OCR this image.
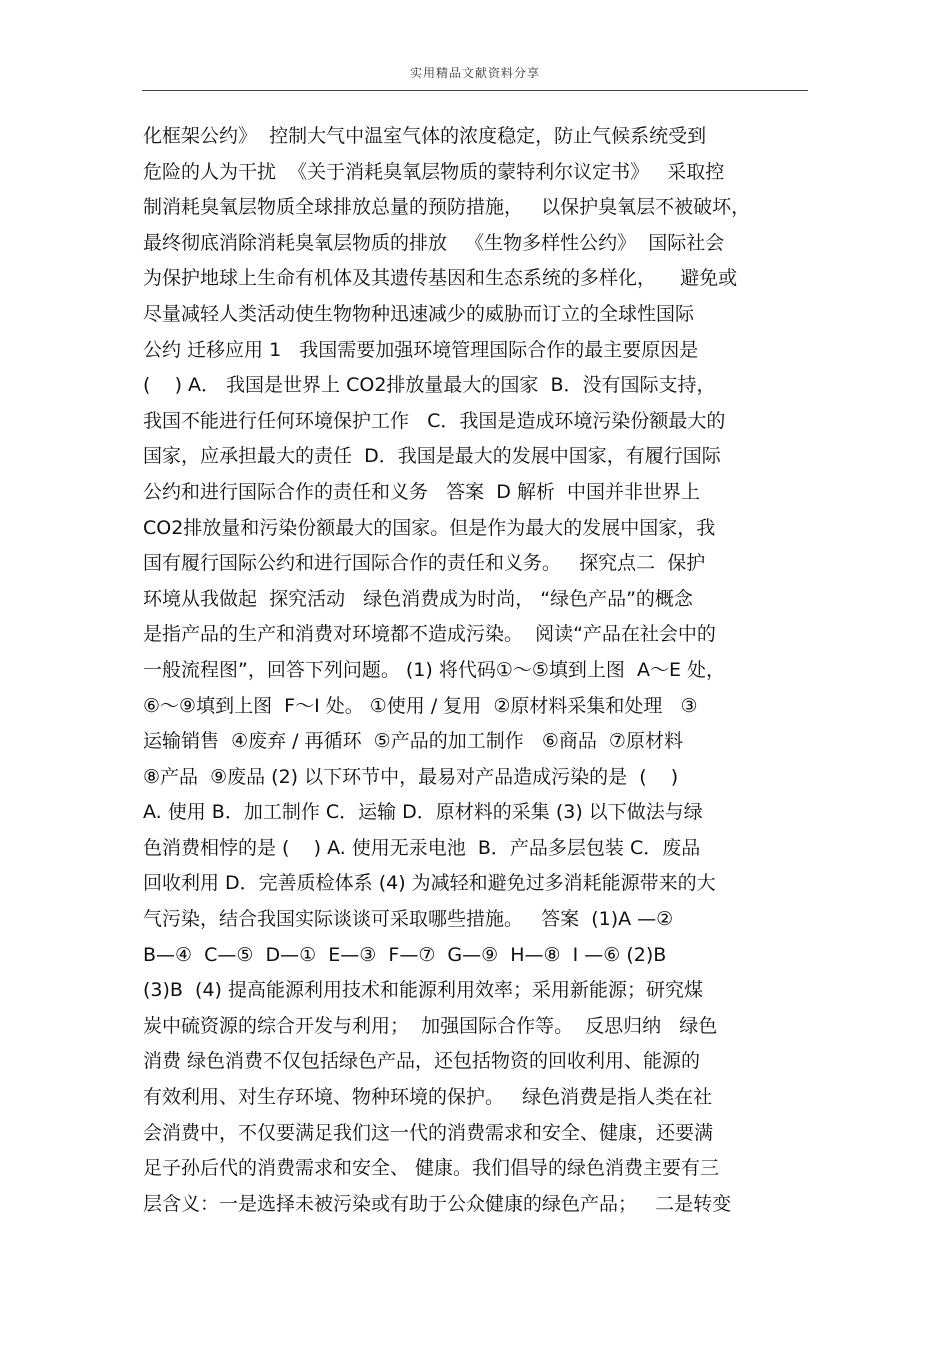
实用精品文献资料分享
化框架公约》  控制大气中温室气体的浓度稳定，防止气候系统受到
危险的人为干扰  《关于消耗臭氧层物质的蒙特利尔议定书》   采取控
制消耗臭氧层物质全球排放总量的预防措施，   以保护臭氧层不被破坏，
最终彻底消除消耗臭氧层物质的排放   《生物多样性公约》  国际社会
为保护地球上生命有机体及其遗传基因和生态系统的多样化，    避免或
尽量减轻人类活动使生物物种迅速减少的威胁而订立的全球性国际
公约 迁移应用 1   我国需要加强环境管理国际合作的最主要原因是
(    ) A． 我国是世界上 CO2排放量最大的国家  B．没有国际支持，
我国不能进行任何环境保护工作   C．我国是造成环境污染份额最大的
国家，应承担最大的责任  D．我国是最大的发展中国家，有履行国际
公约和进行国际合作的责任和义务   答案  D 解析  中国并非世界上
CO2排放量和污染份额最大的国家。但是作为最大的发展中国家，我
国有履行国际公约和进行国际合作的责任和义务。   探究点二  保护
环境从我做起  探究活动   绿色消费成为时尚， “绿色产品”的概念
是指产品的生产和消费对环境都不造成污染。  阅读“产品在社会中的
一般流程图”，回答下列问题。 (1) 将代码①～⑤填到上图  A～E 处，
⑥～⑨填到上图  F～I 处。 ①使用 / 复用  ②原材料采集和处理   ③
运输销售  ④废弃 / 再循环  ⑤产品的加工制作   ⑥商品  ⑦原材料
⑧产品  ⑨废品 (2) 以下环节中，最易对产品造成污染的是  (    )
A. 使用 B．加工制作 C．运输 D．原材料的采集 (3) 以下做法与绿
色消费相悖的是 (    ) A. 使用无汞电池  B．产品多层包装 C．废品
回收利用 D．完善质检体系 (4) 为减轻和避免过多消耗能源带来的大
气污染，结合我国实际谈谈可采取哪些措施。   答案  (1)A —②
B—④  C—⑤  D—①  E—③  F—⑦  G—⑨  H—⑧  I —⑥ (2)B
(3)B  (4) 提高能源利用技术和能源利用效率；采用新能源；研究煤
炭中硫资源的综合开发与利用；  加强国际合作等。  反思归纳   绿色
消费 绿色消费不仅包括绿色产品，还包括物资的回收利用、能源的
有效利用、对生存环境、物种环境的保护。   绿色消费是指人类在社
会消费中，不仅要满足我们这一代的消费需求和安全、健康，还要满
足子孙后代的消费需求和安全、 健康。我们倡导的绿色消费主要有三
层含义：一是选择未被污染或有助于公众健康的绿色产品；   二是转变
